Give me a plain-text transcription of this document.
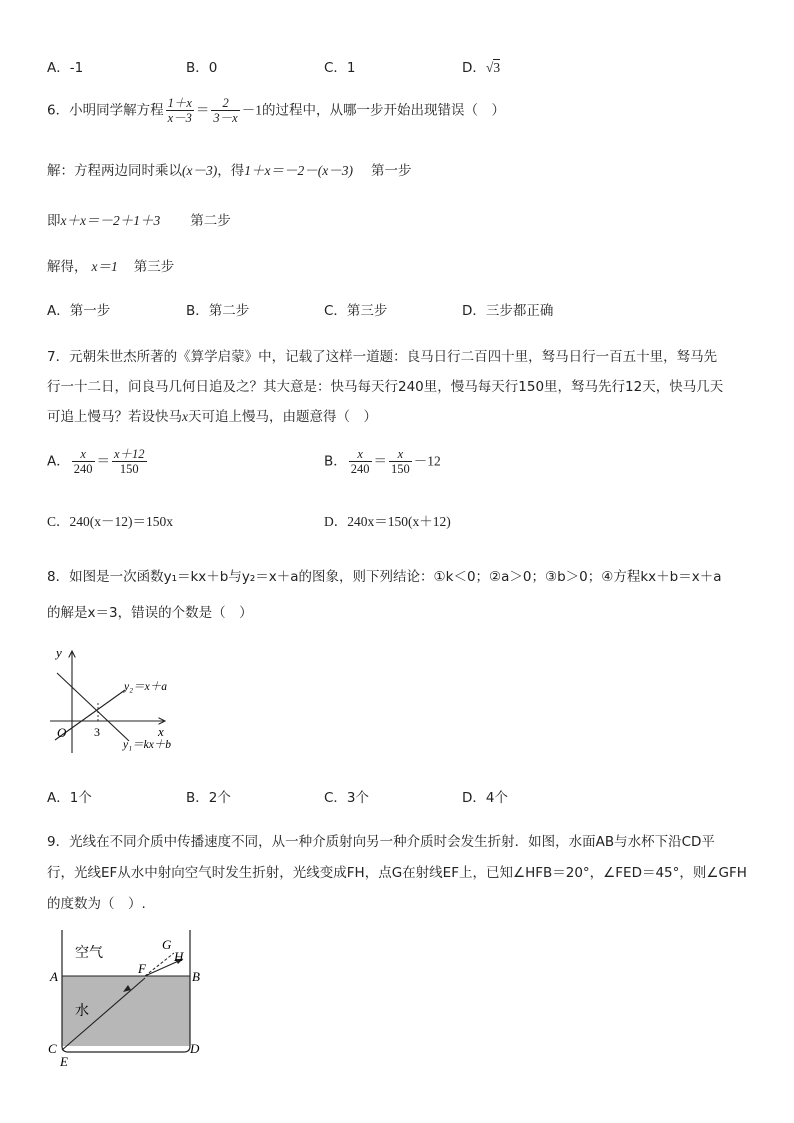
A．-1	B．0	C．1	D．√3
6．小明同学解方程 $\frac{1+x}{x-3} = \frac{2}{3-x} -1$的过程中，从哪一步开始出现错误（　）
解：方程两边同时乘以(x－3)，得1＋x＝－2－(x－3) 第一步
即x＋x＝－2＋1＋3 第二步
解得， x＝1 第三步
A．第一步	B．第二步	C．第三步	D．三步都正确
7．元朝朱世杰所著的《算学启蒙》中，记载了这样一道题：良马日行二百四十里，驽马日行一百五十里，驽马先
行一十二日，问良马几何日追及之？其大意是：快马每天行240里，慢马每天行150里，驽马先行12天，快马几天
可追上慢马？若设快马x天可追上慢马，由题意得（　）
A． $\frac{x}{240} = \frac{x+12}{150}$	B． $\frac{x}{240} = \frac{x}{150} -12$
C．240(x－12)＝150x	D．240x＝150(x＋12)
8．如图是一次函数y₁＝kx＋b与y₂＝x＋a的图象，则下列结论：①k＜0；②a＞0；③b＞0；④方程kx＋b＝x＋a
的解是x＝3，错误的个数是（　）
y
x
O 3
y₂＝x＋a
y₁＝kx＋b
A．1个	B．2个	C．3个	D．4个
9．光线在不同介质中传播速度不同，从一种介质射向另一种介质时会发生折射．如图，水面AB与水杯下沿CD平
行，光线EF从水中射向空气时发生折射，光线变成FH，点G在射线EF上，已知∠HFB＝20°，∠FED＝45°，则∠GFH
的度数为（　）.
空气
水
A	B
C	D
E
F
G
H
